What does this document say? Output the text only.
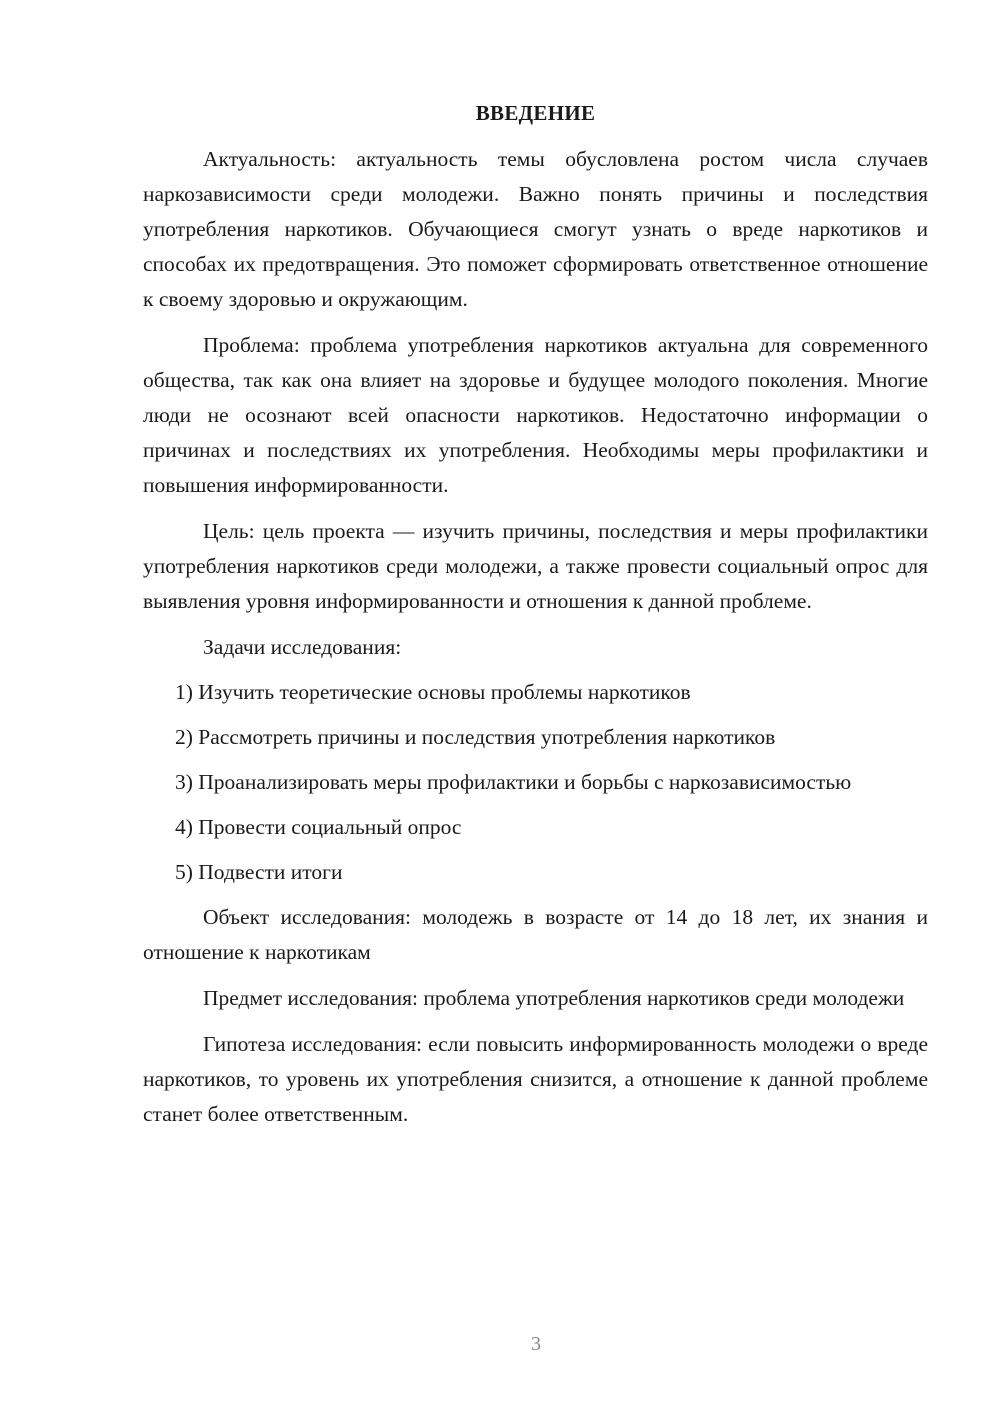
ВВЕДЕНИЕ

Актуальность: актуальность темы обусловлена ростом числа случаев наркозависимости среди молодежи. Важно понять причины и последствия употребления наркотиков. Обучающиеся смогут узнать о вреде наркотиков и способах их предотвращения. Это поможет сформировать ответственное отношение к своему здоровью и окружающим.

Проблема: проблема употребления наркотиков актуальна для современного общества, так как она влияет на здоровье и будущее молодого поколения. Многие люди не осознают всей опасности наркотиков. Недостаточно информации о причинах и последствиях их употребления. Необходимы меры профилактики и повышения информированности.

Цель: цель проекта — изучить причины, последствия и меры профилактики употребления наркотиков среди молодежи, а также провести социальный опрос для выявления уровня информированности и отношения к данной проблеме.

Задачи исследования:

1) Изучить теоретические основы проблемы наркотиков

2) Рассмотреть причины и последствия употребления наркотиков

3) Проанализировать меры профилактики и борьбы с наркозависимостью

4) Провести социальный опрос

5) Подвести итоги

Объект исследования: молодежь в возрасте от 14 до 18 лет, их знания и отношение к наркотикам

Предмет исследования: проблема употребления наркотиков среди молодежи

Гипотеза исследования: если повысить информированность молодежи о вреде наркотиков, то уровень их употребления снизится, а отношение к данной проблеме станет более ответственным.

3
